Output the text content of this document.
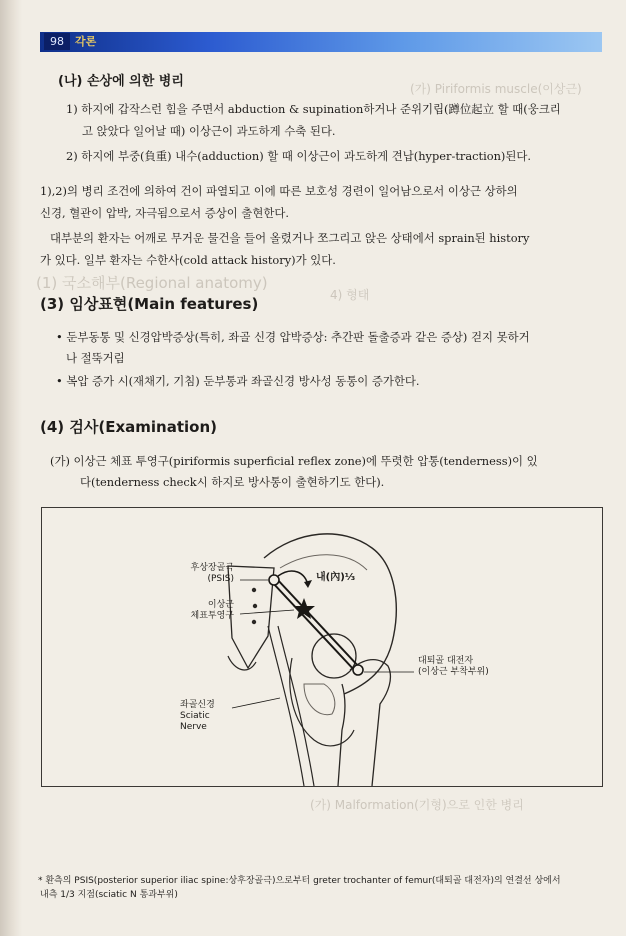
(가) Piriformis muscle(이상근)
4) 형태
(1) 국소해부(Regional anatomy)
(가) Malformation(기형)으로 인한 병리
98	각론
(나) 손상에 의한 병리
1) 하지에 갑작스런 힘을 주면서 abduction & supination하거나 준위기립(蹲位起立 할 때(웅크리
고 앉았다 일어날 때) 이상근이 과도하게 수축 된다.
2) 하지에 부중(負重) 내수(adduction) 할 때 이상근이 과도하게 견납(hyper-traction)된다.
1),2)의 병리 조건에 의하여 건이 파열되고 이에 따른 보호성 경련이 일어남으로서 이상근 상하의
신경, 혈관이 압박, 자극됨으로서 증상이 출현한다.
대부분의 환자는 어깨로 무거운 물건을 들어 올렸거나 쪼그리고 앉은 상태에서 sprain된 history
가 있다. 일부 환자는 수한사(cold attack history)가 있다.
(3) 임상표현(Main features)
• 둔부동통 및 신경압박증상(특히, 좌골 신경 압박증상: 추간판 돌출증과 같은 증상) 걷지 못하거
나 절뚝거림
• 복압 증가 시(재채기, 기침) 둔부통과 좌골신경 방사성 동통이 증가한다.
(4) 검사(Examination)
(가) 이상근 체표 투영구(piriformis superficial reflex zone)에 뚜렷한 압통(tenderness)이 있
다(tenderness check시 하지로 방사통이 출현하기도 한다).
후상장골극
(PSIS)	내(內)⅓
이상근
체표투영구
대퇴골 대전자
(이상근 부착부위)
좌골신경
Sciatic
Nerve
* 환측의 PSIS(posterior superior iliac spine:상후장골극)으로부터 greter trochanter of femur(대퇴골 대전자)의 연결선 상에서
내측 1/3 지점(sciatic N 통과부위)
